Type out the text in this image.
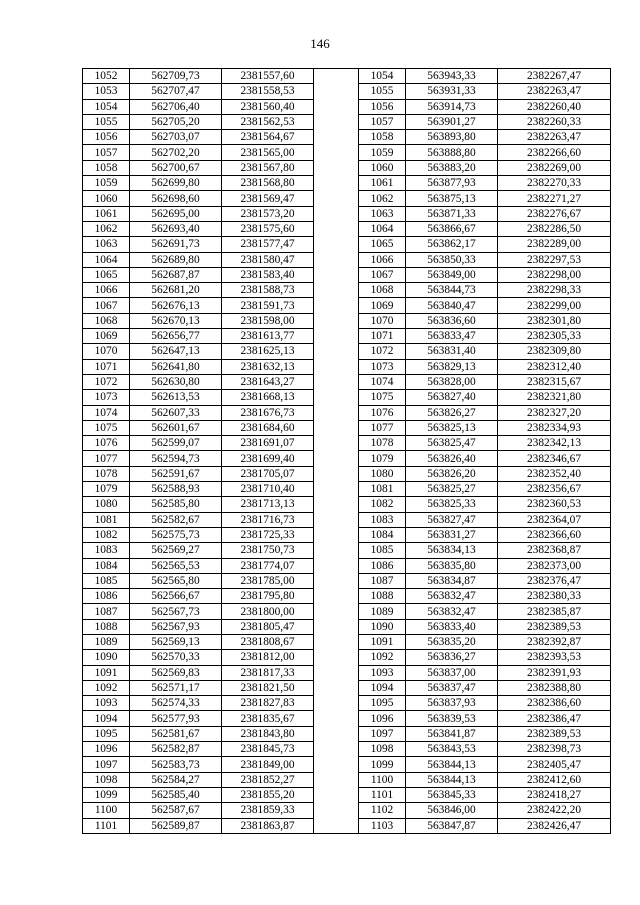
146
1052	562709,73	2381557,60		1054	563943,33	2382267,47
1053	562707,47	2381558,53		1055	563931,33	2382263,47
1054	562706,40	2381560,40		1056	563914,73	2382260,40
1055	562705,20	2381562,53		1057	563901,27	2382260,33
1056	562703,07	2381564,67		1058	563893,80	2382263,47
1057	562702,20	2381565,00		1059	563888,80	2382266,60
1058	562700,67	2381567,80		1060	563883,20	2382269,00
1059	562699,80	2381568,80		1061	563877,93	2382270,33
1060	562698,60	2381569,47		1062	563875,13	2382271,27
1061	562695,00	2381573,20		1063	563871,33	2382276,67
1062	562693,40	2381575,60		1064	563866,67	2382286,50
1063	562691,73	2381577,47		1065	563862,17	2382289,00
1064	562689,80	2381580,47		1066	563850,33	2382297,53
1065	562687,87	2381583,40		1067	563849,00	2382298,00
1066	562681,20	2381588,73		1068	563844,73	2382298,33
1067	562676,13	2381591,73		1069	563840,47	2382299,00
1068	562670,13	2381598,00		1070	563836,60	2382301,80
1069	562656,77	2381613,77		1071	563833,47	2382305,33
1070	562647,13	2381625,13		1072	563831,40	2382309,80
1071	562641,80	2381632,13		1073	563829,13	2382312,40
1072	562630,80	2381643,27		1074	563828,00	2382315,67
1073	562613,53	2381668,13		1075	563827,40	2382321,80
1074	562607,33	2381676,73		1076	563826,27	2382327,20
1075	562601,67	2381684,60		1077	563825,13	2382334,93
1076	562599,07	2381691,07		1078	563825,47	2382342,13
1077	562594,73	2381699,40		1079	563826,40	2382346,67
1078	562591,67	2381705,07		1080	563826,20	2382352,40
1079	562588,93	2381710,40		1081	563825,27	2382356,67
1080	562585,80	2381713,13		1082	563825,33	2382360,53
1081	562582,67	2381716,73		1083	563827,47	2382364,07
1082	562575,73	2381725,33		1084	563831,27	2382366,60
1083	562569,27	2381750,73		1085	563834,13	2382368,87
1084	562565,53	2381774,07		1086	563835,80	2382373,00
1085	562565,80	2381785,00		1087	563834,87	2382376,47
1086	562566,67	2381795,80		1088	563832,47	2382380,33
1087	562567,73	2381800,00		1089	563832,47	2382385,87
1088	562567,93	2381805,47		1090	563833,40	2382389,53
1089	562569,13	2381808,67		1091	563835,20	2382392,87
1090	562570,33	2381812,00		1092	563836,27	2382393,53
1091	562569,83	2381817,33		1093	563837,00	2382391,93
1092	562571,17	2381821,50		1094	563837,47	2382388,80
1093	562574,33	2381827,83		1095	563837,93	2382386,60
1094	562577,93	2381835,67		1096	563839,53	2382386,47
1095	562581,67	2381843,80		1097	563841,87	2382389,53
1096	562582,87	2381845,73		1098	563843,53	2382398,73
1097	562583,73	2381849,00		1099	563844,13	2382405,47
1098	562584,27	2381852,27		1100	563844,13	2382412,60
1099	562585,40	2381855,20		1101	563845,33	2382418,27
1100	562587,67	2381859,33		1102	563846,00	2382422,20
1101	562589,87	2381863,87		1103	563847,87	2382426,47
